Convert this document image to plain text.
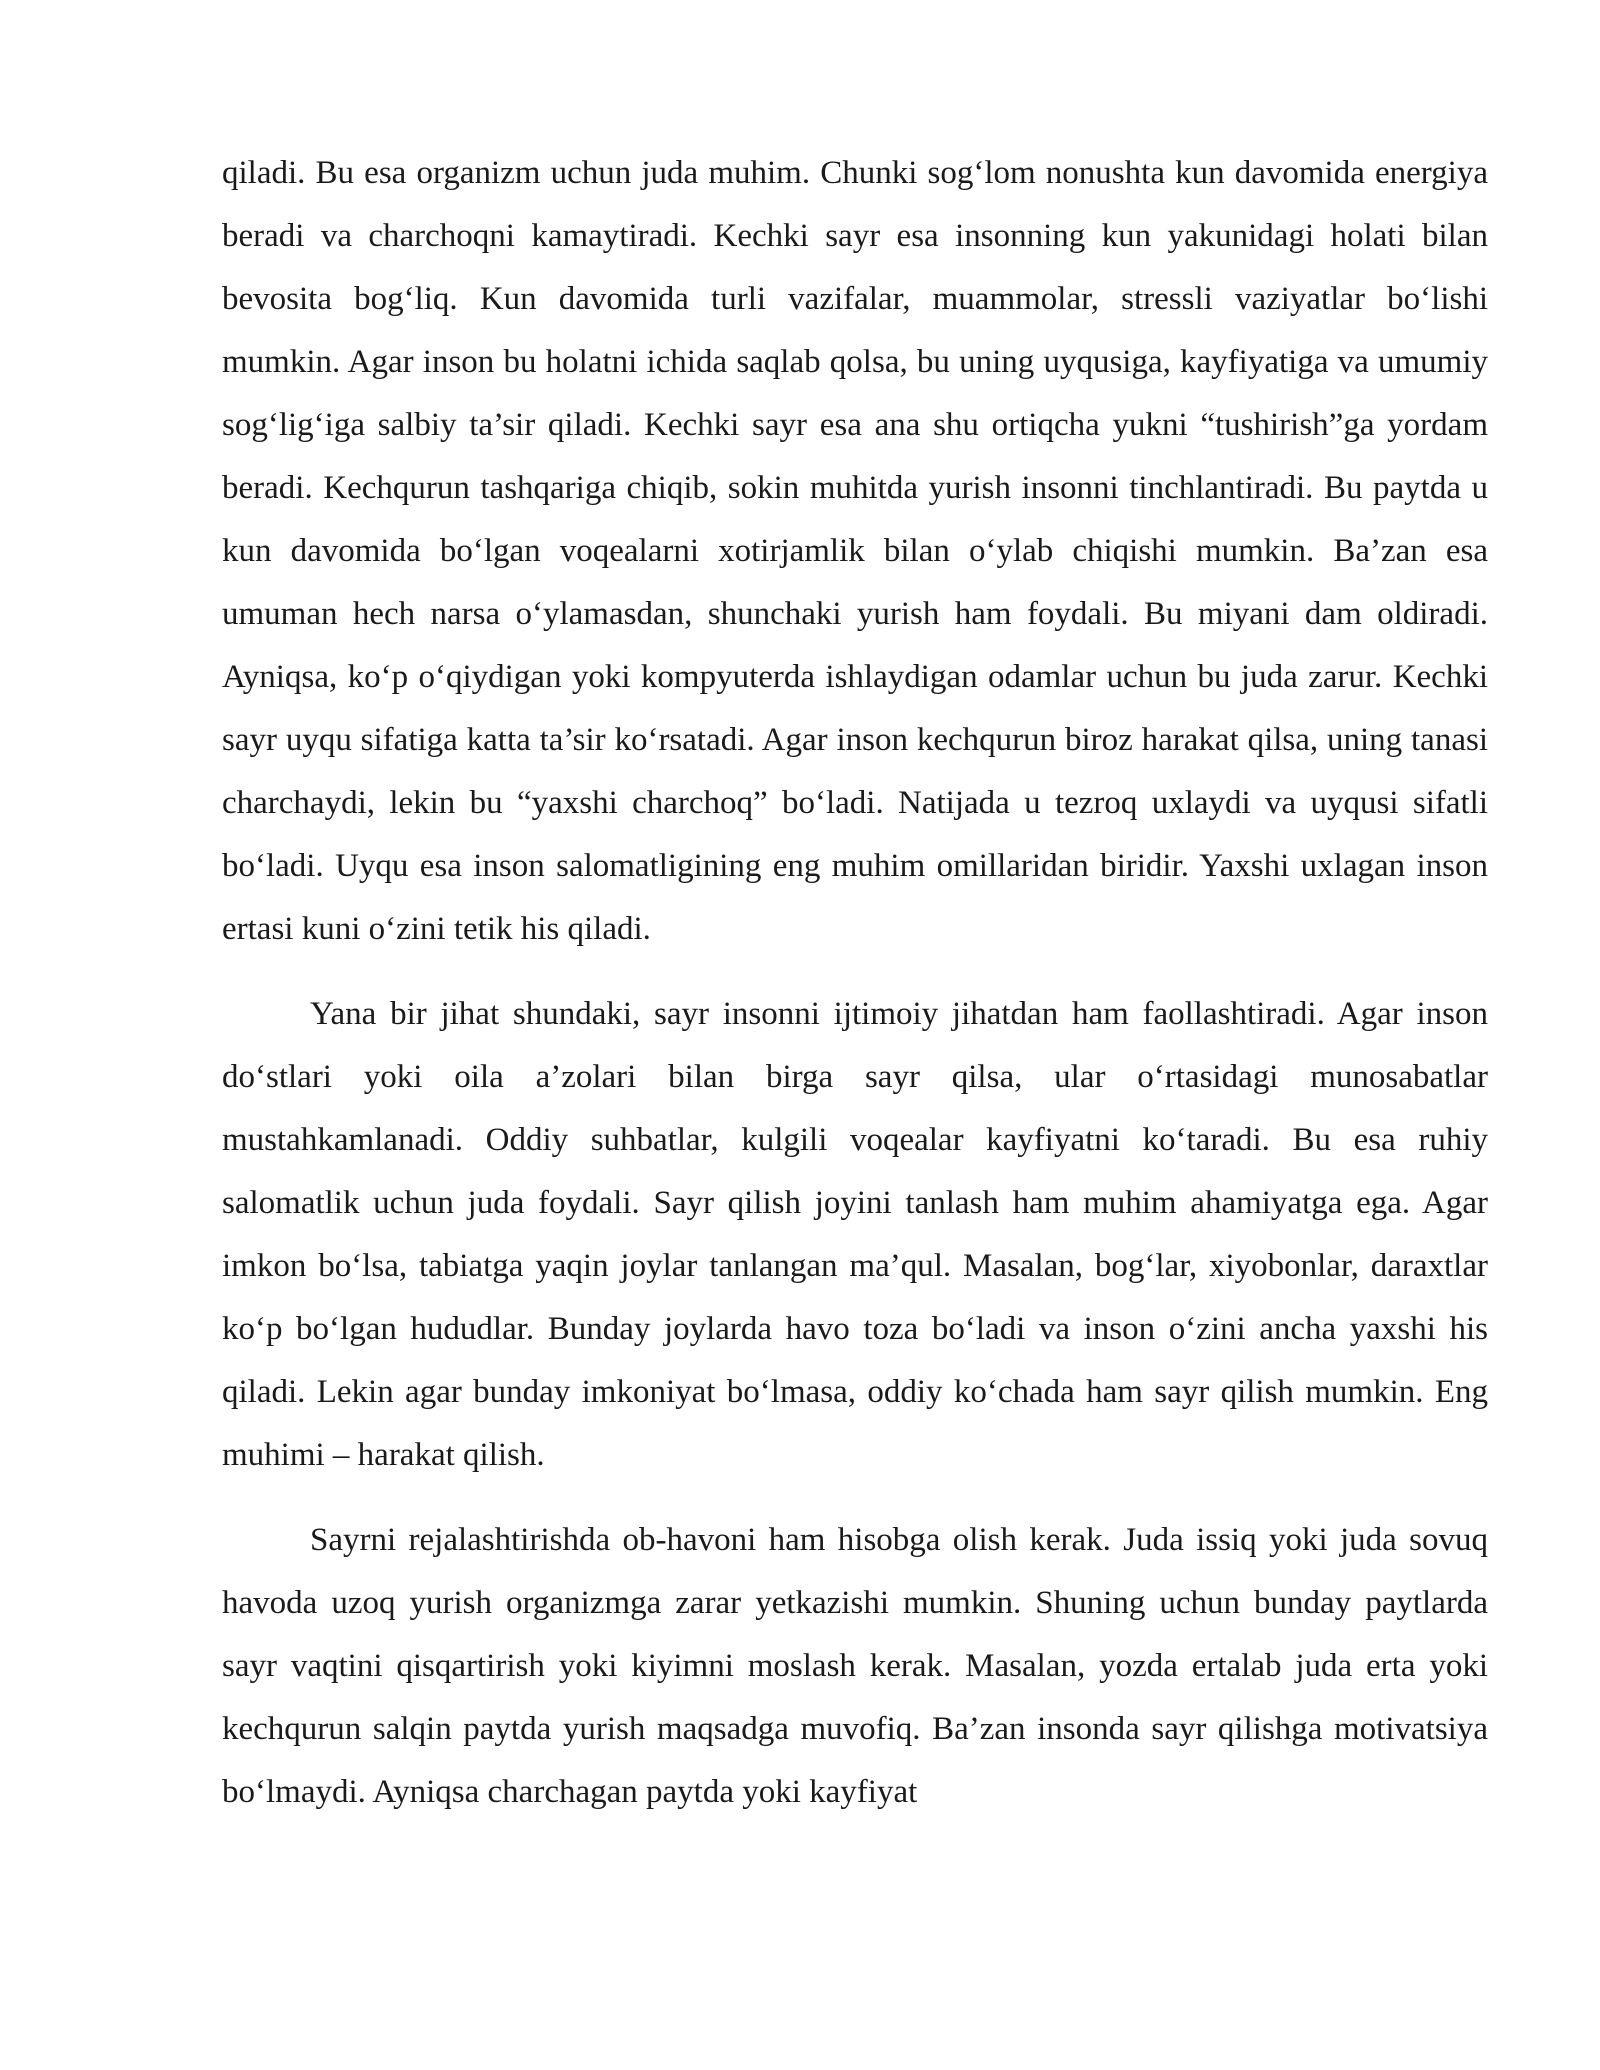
qiladi. Bu esa organizm uchun juda muhim. Chunki sog‘lom nonushta kun davomida energiya beradi va charchoqni kamaytiradi. Kechki sayr esa insonning kun yakunidagi holati bilan bevosita bog‘liq. Kun davomida turli vazifalar, muammolar, stressli vaziyatlar bo‘lishi mumkin. Agar inson bu holatni ichida saqlab qolsa, bu uning uyqusiga, kayfiyatiga va umumiy sog‘lig‘iga salbiy ta’sir qiladi. Kechki sayr esa ana shu ortiqcha yukni “tushirish”ga yordam beradi. Kechqurun tashqariga chiqib, sokin muhitda yurish insonni tinchlantiradi. Bu paytda u kun davomida bo‘lgan voqealarni xotirjamlik bilan o‘ylab chiqishi mumkin. Ba’zan esa umuman hech narsa o‘ylamasdan, shunchaki yurish ham foydali. Bu miyani dam oldiradi. Ayniqsa, ko‘p o‘qiydigan yoki kompyuterda ishlaydigan odamlar uchun bu juda zarur. Kechki sayr uyqu sifatiga katta ta’sir ko‘rsatadi. Agar inson kechqurun biroz harakat qilsa, uning tanasi charchaydi, lekin bu “yaxshi charchoq” bo‘ladi. Natijada u tezroq uxlaydi va uyqusi sifatli bo‘ladi. Uyqu esa inson salomatligining eng muhim omillaridan biridir. Yaxshi uxlagan inson ertasi kuni o‘zini tetik his qiladi.

Yana bir jihat shundaki, sayr insonni ijtimoiy jihatdan ham faollashtiradi. Agar inson do‘stlari yoki oila a’zolari bilan birga sayr qilsa, ular o‘rtasidagi munosabatlar mustahkamlanadi. Oddiy suhbatlar, kulgili voqealar kayfiyatni ko‘taradi. Bu esa ruhiy salomatlik uchun juda foydali. Sayr qilish joyini tanlash ham muhim ahamiyatga ega. Agar imkon bo‘lsa, tabiatga yaqin joylar tanlangan ma’qul. Masalan, bog‘lar, xiyobonlar, daraxtlar ko‘p bo‘lgan hududlar. Bunday joylarda havo toza bo‘ladi va inson o‘zini ancha yaxshi his qiladi. Lekin agar bunday imkoniyat bo‘lmasa, oddiy ko‘chada ham sayr qilish mumkin. Eng muhimi – harakat qilish.

Sayrni rejalashtirishda ob-havoni ham hisobga olish kerak. Juda issiq yoki juda sovuq havoda uzoq yurish organizmga zarar yetkazishi mumkin. Shuning uchun bunday paytlarda sayr vaqtini qisqartirish yoki kiyimni moslash kerak. Masalan, yozda ertalab juda erta yoki kechqurun salqin paytda yurish maqsadga muvofiq. Ba’zan insonda sayr qilishga motivatsiya bo‘lmaydi. Ayniqsa charchagan paytda yoki kayfiyat
